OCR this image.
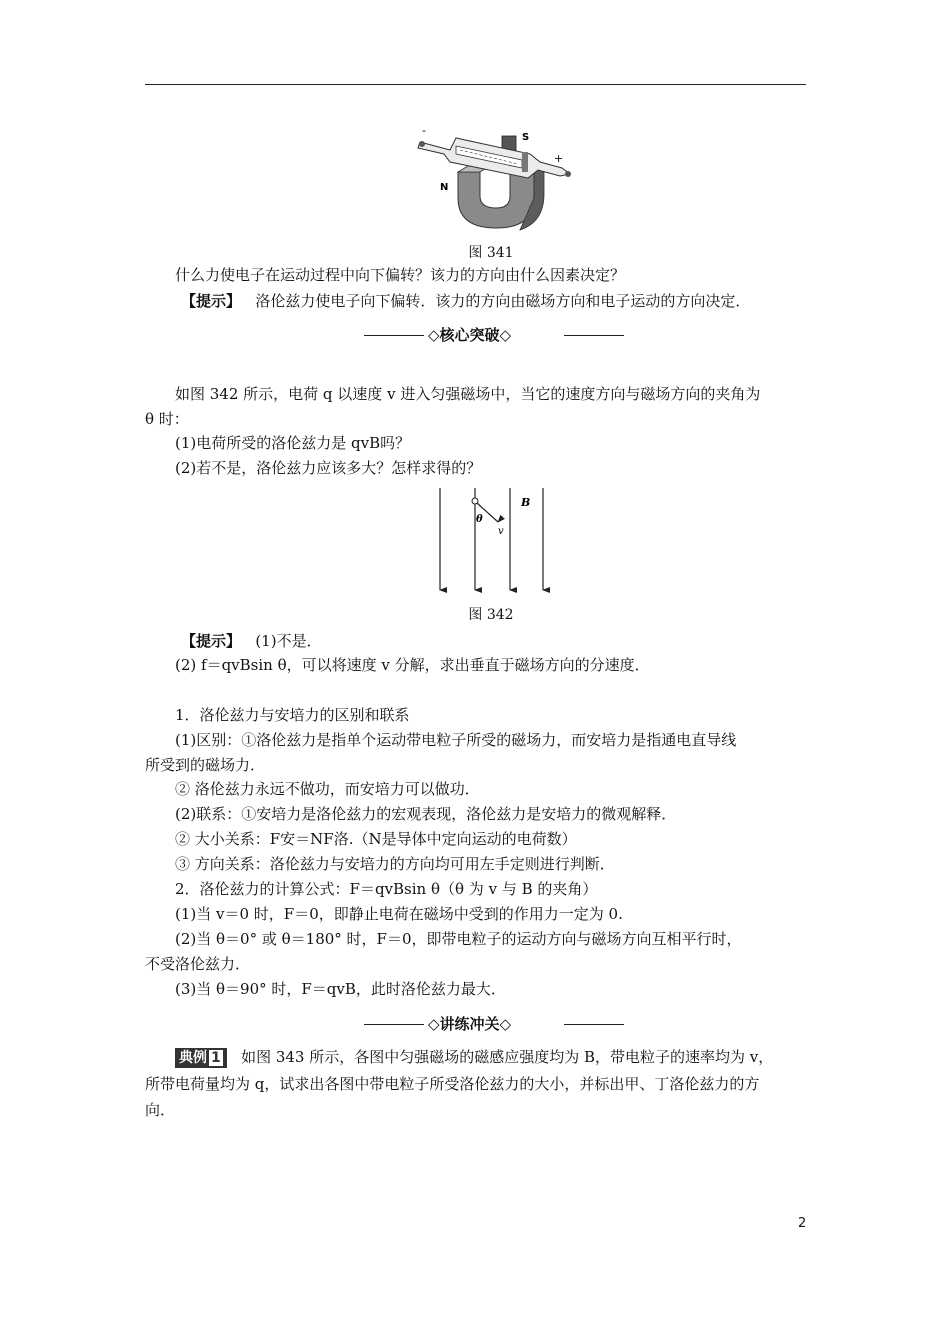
S
N
-
+
图 341
什么力使电子在运动过程中向下偏转？该力的方向由什么因素决定？
【提示】 洛伦兹力使电子向下偏转．该力的方向由磁场方向和电子运动的方向决定．
◇核心突破◇
如图 342 所示，电荷 q 以速度 v 进入匀强磁场中，当它的速度方向与磁场方向的夹角为
θ 时：
(1)电荷所受的洛伦兹力是 qvB吗？
(2)若不是，洛伦兹力应该多大？怎样求得的？
B
θ
v
图 342
【提示】 (1)不是．
(2) f＝qvBsin θ，可以将速度 v 分解，求出垂直于磁场方向的分速度．
1．洛伦兹力与安培力的区别和联系
(1)区别：①洛伦兹力是指单个运动带电粒子所受的磁场力，而安培力是指通电直导线
所受到的磁场力．
② 洛伦兹力永远不做功，而安培力可以做功．
(2)联系：①安培力是洛伦兹力的宏观表现，洛伦兹力是安培力的微观解释．
② 大小关系：F安＝NF洛.（N是导体中定向运动的电荷数）
③ 方向关系：洛伦兹力与安培力的方向均可用左手定则进行判断．
2．洛伦兹力的计算公式：F＝qvBsin θ（θ 为 v 与 B 的夹角）
(1)当 v＝0 时，F＝0，即静止电荷在磁场中受到的作用力一定为 0.
(2)当 θ＝0° 或 θ＝180° 时，F＝0，即带电粒子的运动方向与磁场方向互相平行时，
不受洛伦兹力．
(3)当 θ＝90° 时，F＝qvB，此时洛伦兹力最大．
◇讲练冲关◇
典例 1 如图 343 所示，各图中匀强磁场的磁感应强度均为 B，带电粒子的速率均为 v，
所带电荷量均为 q，试求出各图中带电粒子所受洛伦兹力的大小，并标出甲、丁洛伦兹力的方
向．
2
